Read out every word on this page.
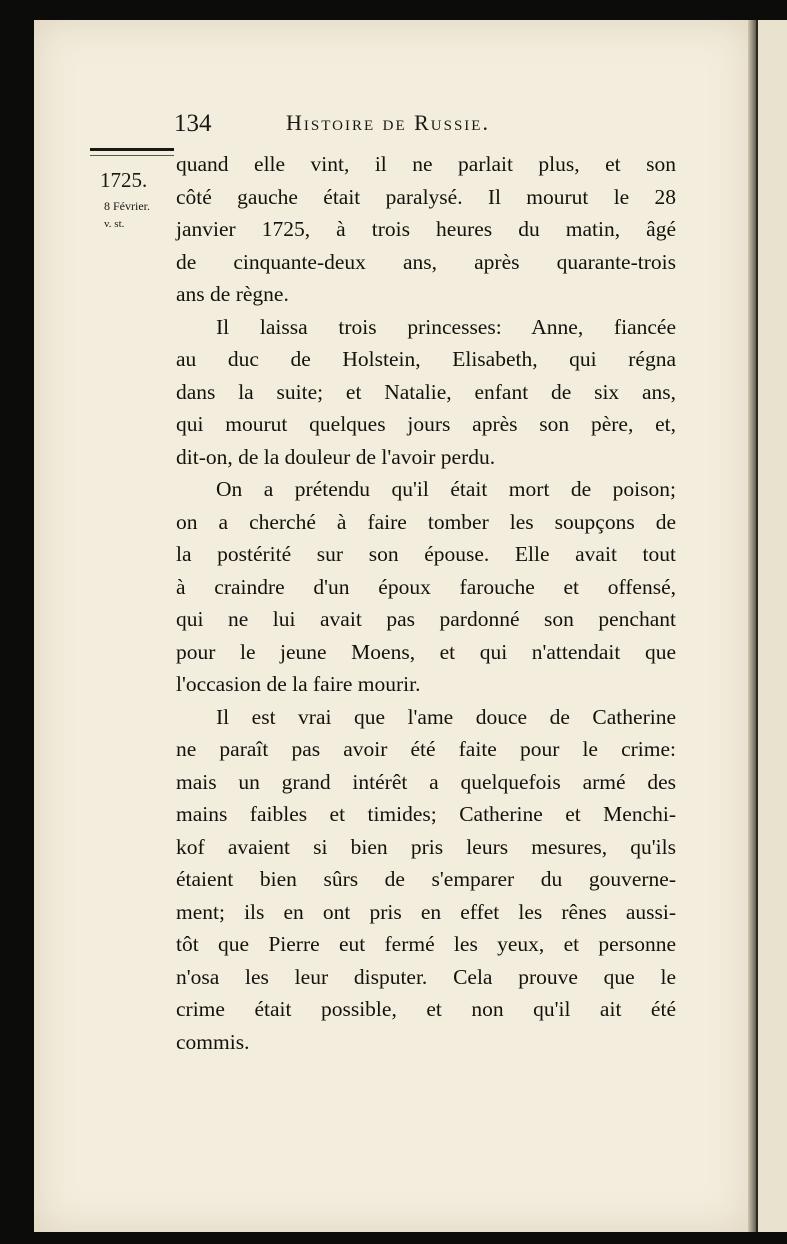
134	Histoire de Russie.
1725.
8 Février.
v. st.

quand elle vint, il ne parlait plus, et son
côté gauche était paralysé. Il mourut le 28
janvier 1725, à trois heures du matin, âgé
de cinquante-deux ans, après quarante-trois
ans de règne.

Il laissa trois princesses: Anne, fiancée
au duc de Holstein, Elisabeth, qui régna
dans la suite; et Natalie, enfant de six ans,
qui mourut quelques jours après son père, et,
dit-on, de la douleur de l'avoir perdu.

On a prétendu qu'il était mort de poison;
on a cherché à faire tomber les soupçons de
la postérité sur son épouse. Elle avait tout
à craindre d'un époux farouche et offensé,
qui ne lui avait pas pardonné son penchant
pour le jeune Moens, et qui n'attendait que
l'occasion de la faire mourir.

Il est vrai que l'ame douce de Catherine
ne paraît pas avoir été faite pour le crime:
mais un grand intérêt a quelquefois armé des
mains faibles et timides; Catherine et Menchi-
kof avaient si bien pris leurs mesures, qu'ils
étaient bien sûrs de s'emparer du gouverne-
ment; ils en ont pris en effet les rênes aussi-
tôt que Pierre eut fermé les yeux, et personne
n'osa les leur disputer. Cela prouve que le
crime était possible, et non qu'il ait été
commis.
